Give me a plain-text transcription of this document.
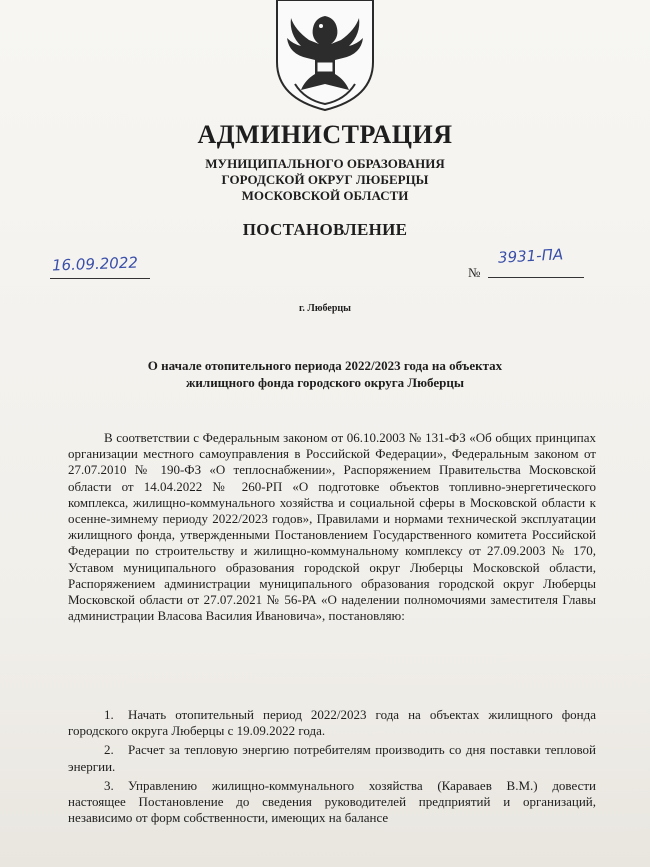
АДМИНИСТРАЦИЯ
МУНИЦИПАЛЬНОГО ОБРАЗОВАНИЯ
ГОРОДСКОЙ ОКРУГ ЛЮБЕРЦЫ
МОСКОВСКОЙ ОБЛАСТИ
ПОСТАНОВЛЕНИЕ
16.09.2022	№
3931-ПА
г. Люберцы
О начале отопительного периода 2022/2023 года на объектах
жилищного фонда городского округа Люберцы

В соответствии с Федеральным законом от 06.10.2003 № 131-ФЗ «Об общих принципах организации местного самоуправления в Российской Федерации», Федеральным законом от 27.07.2010 № 190-ФЗ «О теплоснабжении», Распоряжением Правительства Московской области от 14.04.2022 № 260-РП «О подготовке объектов топливно-энергетического комплекса, жилищно-коммунального хозяйства и социальной сферы в Московской области к осенне-зимнему периоду 2022/2023 годов», Правилами и нормами технической эксплуатации жилищного фонда, утвержденными Постановлением Государственного комитета Российской Федерации по строительству и жилищно-коммунальному комплексу от 27.09.2003 № 170, Уставом муниципального образования городской округ Люберцы Московской области, Распоряжением администрации муниципального образования городской округ Люберцы Московской области от 27.07.2021 № 56-РА «О наделении полномочиями заместителя Главы администрации Власова Василия Ивановича», постановляю:

1. Начать отопительный период 2022/2023 года на объектах жилищного фонда городского округа Люберцы с 19.09.2022 года.

2. Расчет за тепловую энергию потребителям производить со дня поставки тепловой энергии.

3. Управлению жилищно-коммунального хозяйства (Караваев В.М.) довести настоящее Постановление до сведения руководителей предприятий и организаций, независимо от форм собственности, имеющих на балансе
